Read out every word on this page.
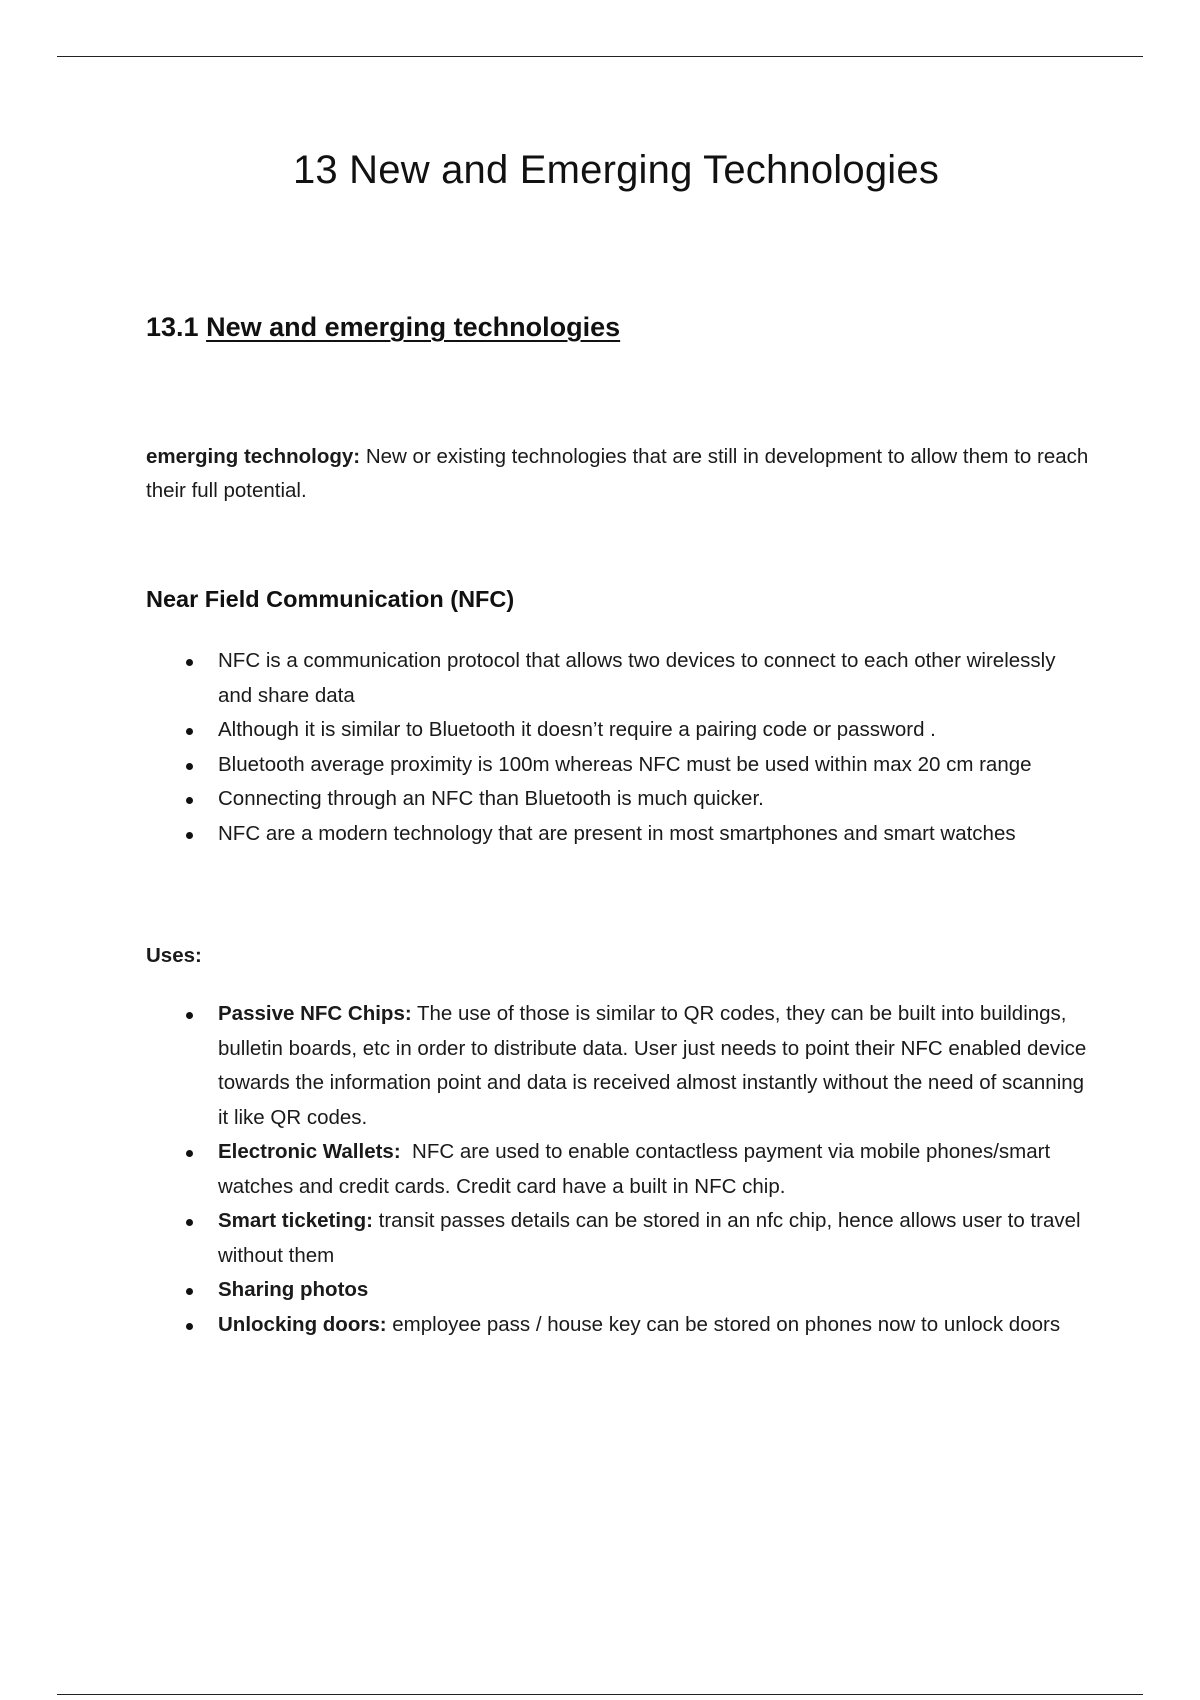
13 New and Emerging Technologies
13.1 New and emerging technologies

emerging technology: New or existing technologies that are still in development to allow them to reach their full potential.

Near Field Communication (NFC)
NFC is a communication protocol that allows two devices to connect to each other wirelessly and share data
Although it is similar to Bluetooth it doesn’t require a pairing code or password .
Bluetooth average proximity is 100m whereas NFC must be used within max 20 cm range
Connecting through an NFC than Bluetooth is much quicker.
NFC are a modern technology that are present in most smartphones and smart watches

Uses:

Passive NFC Chips: The use of those is similar to QR codes, they can be built into buildings, bulletin boards, etc in order to distribute data. User just needs to point their NFC enabled device towards the information point and data is received almost instantly without the need of scanning it like QR codes.
Electronic Wallets:  NFC are used to enable contactless payment via mobile phones/smart watches and credit cards. Credit card have a built in NFC chip.
Smart ticketing: transit passes details can be stored in an nfc chip, hence allows user to travel without them
Sharing photos
Unlocking doors: employee pass / house key can be stored on phones now to unlock doors
